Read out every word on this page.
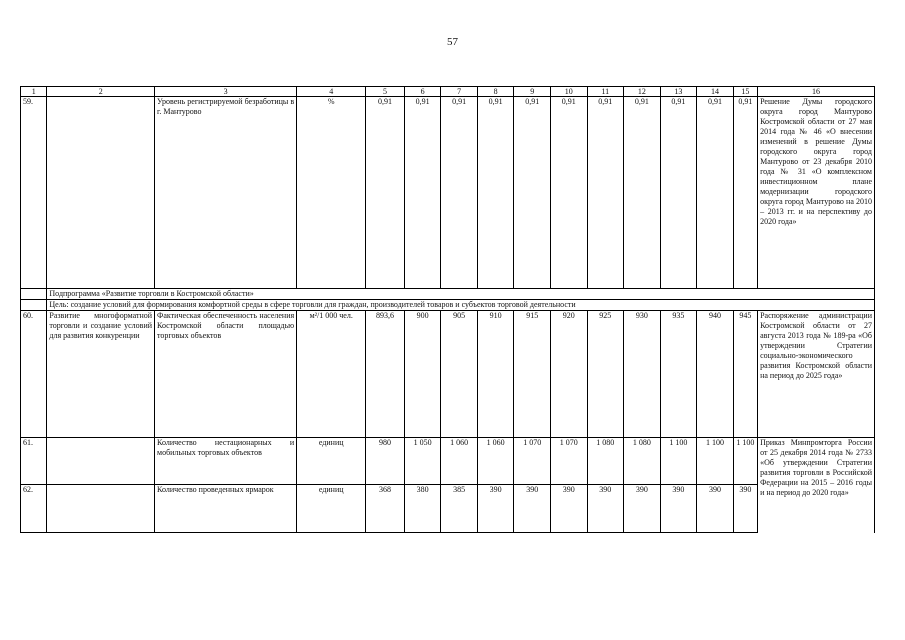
57
1	2	3	4	5	6	7	8	9	10	11	12	13	14	15	16
59.		Уровень регистрируемой безработицы в г. Мантурово	%	0,91	0,91	0,91	0,91	0,91	0,91	0,91	0,91	0,91	0,91	0,91	Решение Думы городского округа город Мантурово Костромской области от 27 мая 2014 года № 46 «О внесении изменений в решение Думы городского округа город Мантурово от 23 декабря 2010 года № 31 «О комплексном инвестиционном плане модернизации городского округа город Мантурово на 2010 – 2013 гг. и на перспективу до 2020 года»
	Подпрограмма «Развитие торговли в Костромской области»														
	Цель: создание условий для формирования комфортной среды в сфере торговли для граждан, производителей товаров и субъектов торговой деятельности														
60.	Развитие многоформатной торговли и создание условий для развития конкуренции	Фактическая обеспеченность населения Костромской области площадью торговых объектов	м²/1 000 чел.	893,6	900	905	910	915	920	925	930	935	940	945	Распоряжение администрации Костромской области от 27 августа 2013 года № 189-ра «Об утверждении Стратегии социально-экономического развития Костромской области на период до 2025 года»
61.		Количество нестационарных и мобильных торговых объектов	единиц	980	1 050	1 060	1 060	1 070	1 070	1 080	1 080	1 100	1 100	1 100	Приказ Минпромторга России от 25 декабря 2014 года № 2733 «Об утверждении Стратегии развития торговли в Российской Федерации на 2015 – 2016 годы и на период до 2020 года»
62.		Количество проведенных ярмарок	единиц	368	380	385	390	390	390	390	390	390	390	390	
